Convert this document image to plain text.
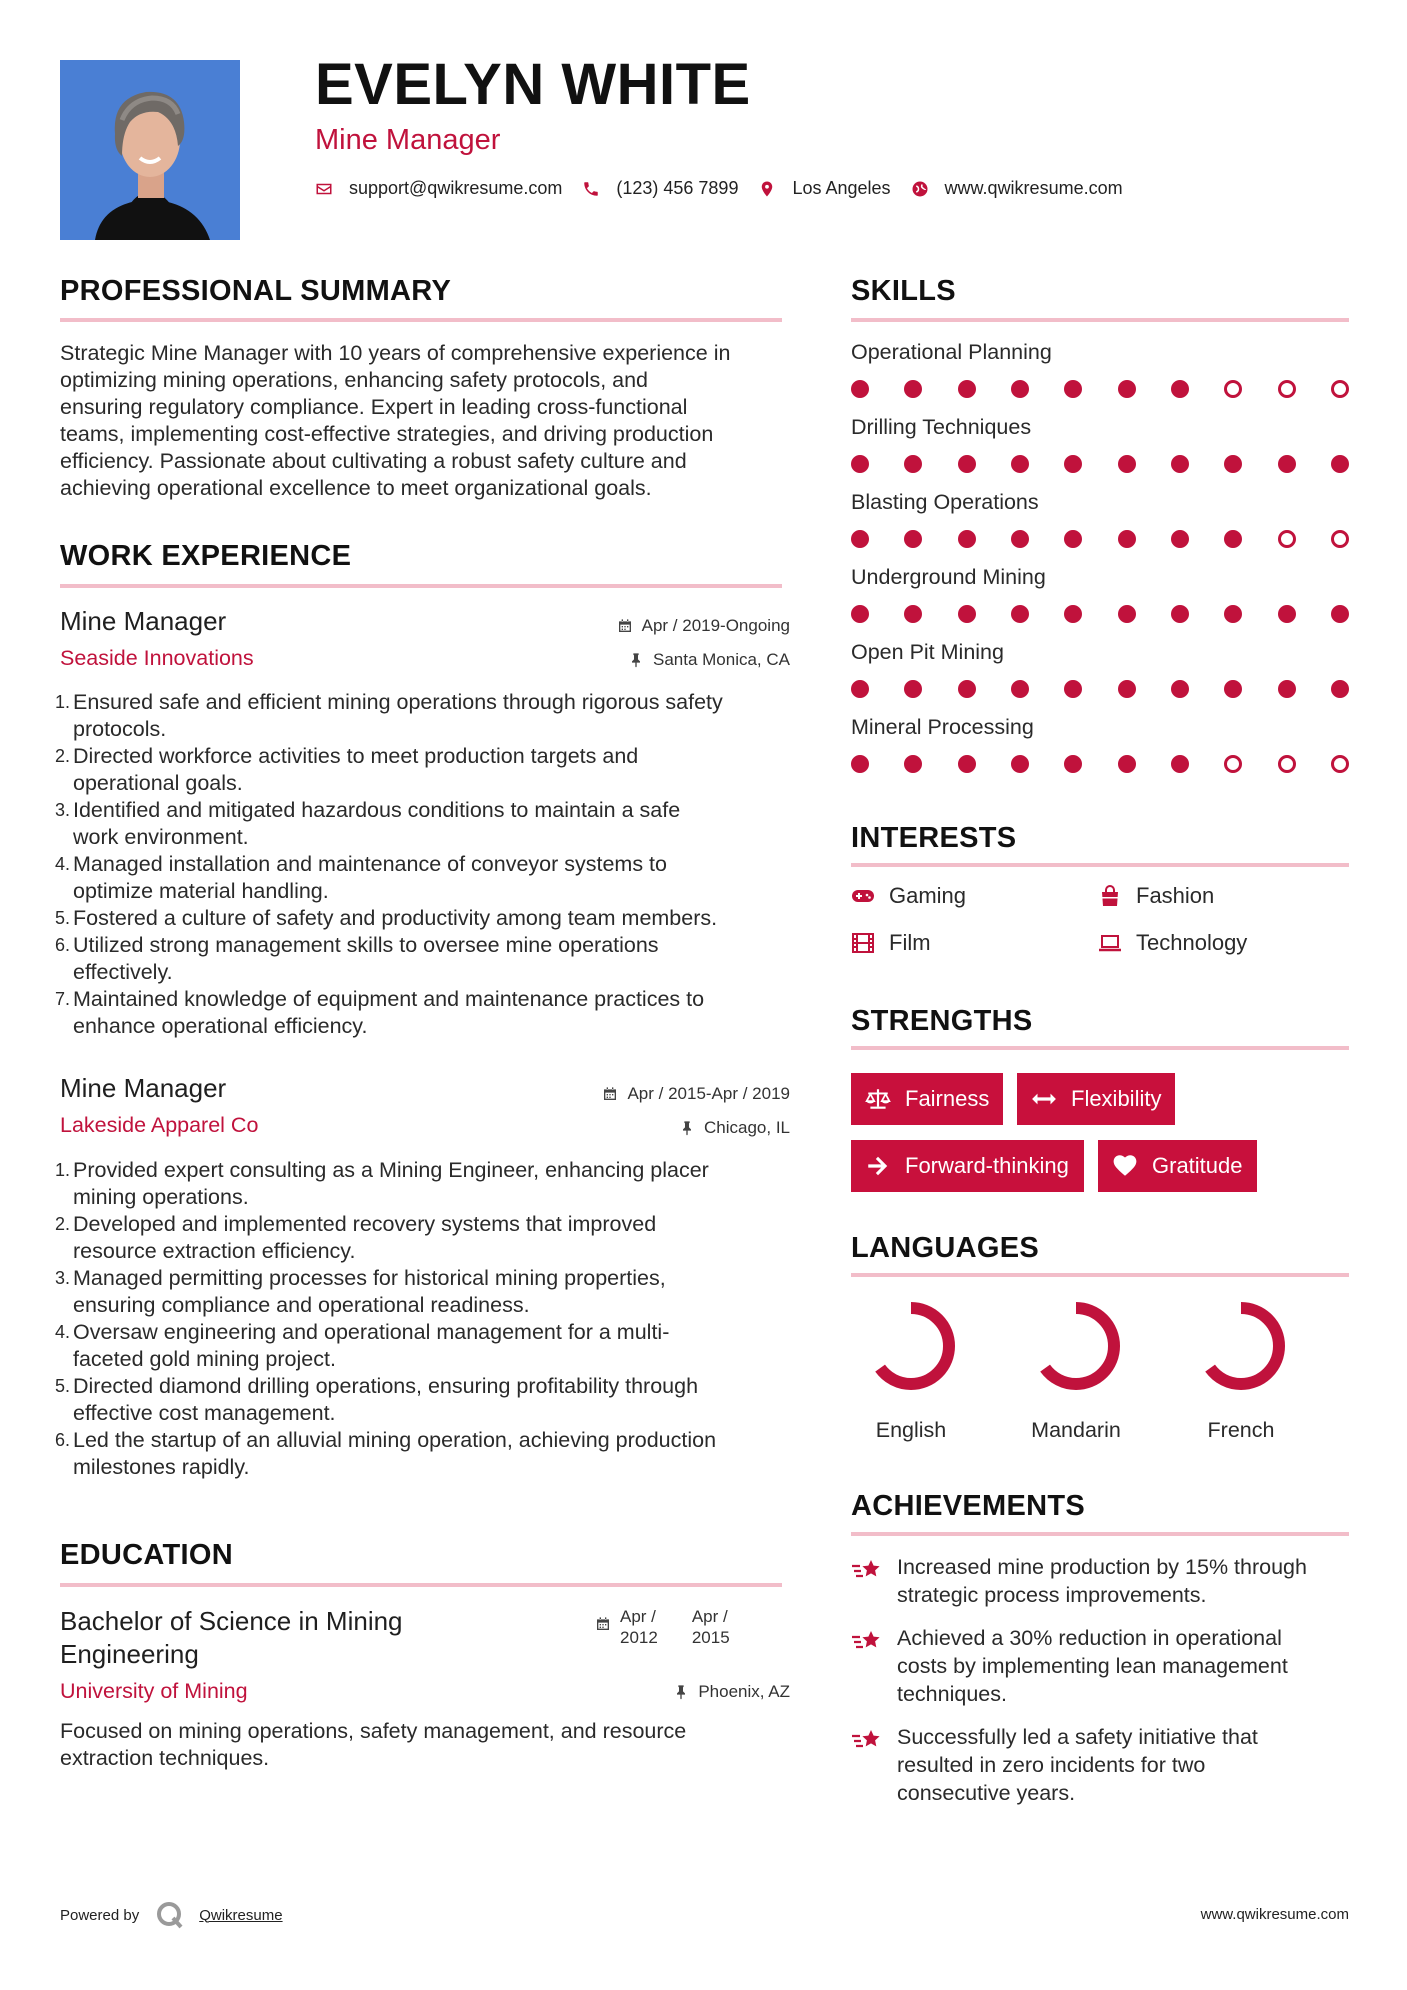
EVELYN WHITE
Mine Manager
support@qwikresume.com	(123) 456 7899	Los Angeles	www.qwikresume.com
PROFESSIONAL SUMMARY
Strategic Mine Manager with 10 years of comprehensive experience in
optimizing mining operations, enhancing safety protocols, and
ensuring regulatory compliance. Expert in leading cross-functional
teams, implementing cost-effective strategies, and driving production
efficiency. Passionate about cultivating a robust safety culture and
achieving operational excellence to meet organizational goals.
WORK EXPERIENCE
Mine Manager
Seaside Innovations
Apr / 2019-Ongoing
Santa Monica, CA
1. Ensured safe and efficient mining operations through rigorous safety
protocols.
2. Directed workforce activities to meet production targets and
operational goals.
3. Identified and mitigated hazardous conditions to maintain a safe
work environment.
4. Managed installation and maintenance of conveyor systems to
optimize material handling.
5. Fostered a culture of safety and productivity among team members.
6. Utilized strong management skills to oversee mine operations
effectively.
7. Maintained knowledge of equipment and maintenance practices to
enhance operational efficiency.
Mine Manager
Lakeside Apparel Co
Apr / 2015-Apr / 2019
Chicago, IL
1. Provided expert consulting as a Mining Engineer, enhancing placer
mining operations.
2. Developed and implemented recovery systems that improved
resource extraction efficiency.
3. Managed permitting processes for historical mining properties,
ensuring compliance and operational readiness.
4. Oversaw engineering and operational management for a multi-
faceted gold mining project.
5. Directed diamond drilling operations, ensuring profitability through
effective cost management.
6. Led the startup of an alluvial mining operation, achieving production
milestones rapidly.
EDUCATION
Bachelor of Science in Mining
Engineering
Apr /
2012
Apr /
2015
University of Mining	Phoenix, AZ
Focused on mining operations, safety management, and resource
extraction techniques.
SKILLS
Operational Planning
Drilling Techniques
Blasting Operations
Underground Mining
Open Pit Mining
Mineral Processing
INTERESTS
Gaming	Fashion
Film	Technology
STRENGTHS
Fairness	Flexibility
Forward-thinking	Gratitude
LANGUAGES
English	Mandarin	French
ACHIEVEMENTS
Increased mine production by 15% through
strategic process improvements.
Achieved a 30% reduction in operational
costs by implementing lean management
techniques.
Successfully led a safety initiative that
resulted in zero incidents for two
consecutive years.
Powered by	Qwikresume	www.qwikresume.com
